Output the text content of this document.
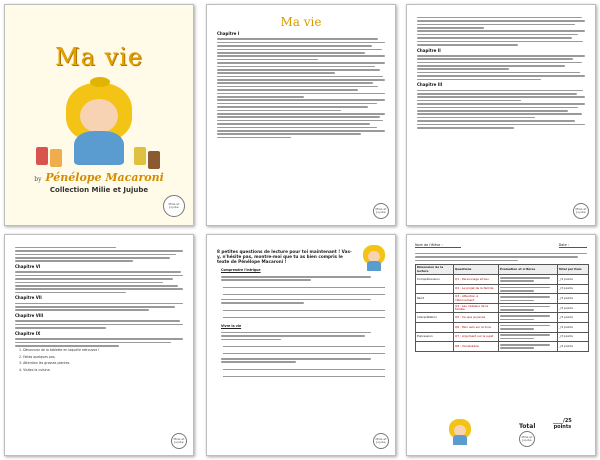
Ma vie
by Pénélope Macaroni
Collection Milie et Jujube
Milie et Jujube
Ma vie
Chapitre I
Milie et Jujube
Chapitre II
Chapitre III
Milie et Jujube
Chapitre VI
Chapitre VII
Chapitre VIII
Chapitre IX

1. Découvrez de la tablette en laquelle retrouvez !

2. Faites quelques pas.

3. Attention les grosses plantes.

4. Visitez la cuisine.

Milie et Jujube
8 petites questions de lecture pour toi maintenant ! Vas-y, n'hésite pas, montre-moi que tu as bien compris le texte de Pénélope Macaroni !
Comprendre l'intrigue
Vivre la vie
Milie et Jujube
Nom de l'élève :	Date :
Dimension de la lecture	Questions	Évaluation et critères	Total par item
Compréhension	Q1 : Personnage et lieu		_/3 points
	Q2 : Le projet de la famille		_/3 points
Récit	Q3 : Attention à l'étonnement		_/3 points
	Q4 : Les cadeaux de la famille		_/3 points
Interprétation	Q5 : Ce que je pense		_/3 points
	Q6 : Mon avis sur le livre		_/3 points
Expression	Q7 : Argument sur le sujet		_/3 points
	Q8 : Vocabulaire		_/4 points
Milie et Jujube
Total
____/25
points
